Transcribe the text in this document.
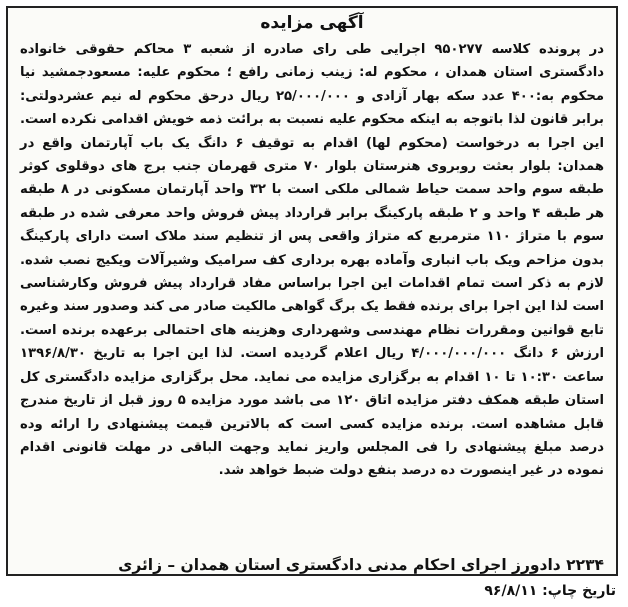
آگهی مزایده
در پرونده کلاسه ۹۵۰۲۷۷ اجرایی طی رای صادره از شعبه ۳ محاکم حقوقی خانواده دادگستری استان همدان ، محکوم له: زینب زمانی رافع ؛ محکوم علیه: مسعودجمشید نیا محکوم به:۴۰۰ عدد سکه بهار آزادی و ۲۵/۰۰۰/۰۰۰ ریال درحق محکوم له نیم عشردولتی: برابر قانون لذا باتوجه به اینکه محکوم علیه نسبت به برائت ذمه خویش اقدامی نکرده است. این اجرا به درخواست (محکوم لها) اقدام به توقیف ۶ دانگ یک باب آپارتمان واقع در همدان: بلوار بعثت روبروی هنرستان بلوار ۷۰ متری قهرمان جنب برج های دوقلوی کوثر طبقه سوم واحد سمت حیاط شمالی ملکی است با ۳۲ واحد آپارتمان مسکونی در ۸ طبقه هر طبقه ۴ واحد و ۲ طبقه پارکینگ برابر قرارداد پیش فروش واحد معرفی شده در طبقه سوم با متراژ ۱۱۰ مترمربع که متراژ واقعی پس از تنظیم سند ملاک است دارای پارکینگ بدون مزاحم ویک باب انباری وآماده بهره برداری کف سرامیک وشیرآلات ویکیج نصب شده. لازم به ذکر است تمام اقدامات این اجرا براساس مفاد قرارداد پیش فروش وکارشناسی است لذا این اجرا برای برنده فقط یک برگ گواهی مالکیت صادر می کند وصدور سند وغیره تابع قوانین ومقررات نظام مهندسی وشهرداری وهزینه های احتمالی برعهده برنده است. ارزش ۶ دانگ ۴/۰۰۰/۰۰۰/۰۰۰ ریال اعلام گردیده است. لذا این اجرا به تاریخ ۱۳۹۶/۸/۳۰ ساعت ۱۰:۳۰ تا ۱۰ اقدام به برگزاری مزایده می نماید. محل برگزاری مزایده دادگستری کل استان طبقه همکف دفتر مزایده اتاق ۱۲۰ می باشد مورد مزایده ۵ روز قبل از تاریخ مندرج قابل مشاهده است. برنده مزایده کسی است که بالاترین قیمت پیشنهادی را ارائه وده درصد مبلغ پیشنهادی را فی المجلس واریز نماید وجهت الباقی در مهلت قانونی اقدام نموده در غیر اینصورت ده درصد بنفع دولت ضبط خواهد شد.
۲۲۳۴ دادورز اجرای احکام مدنی دادگستری استان همدان – زائری
تاریخ چاپ: ۹۶/۸/۱۱
